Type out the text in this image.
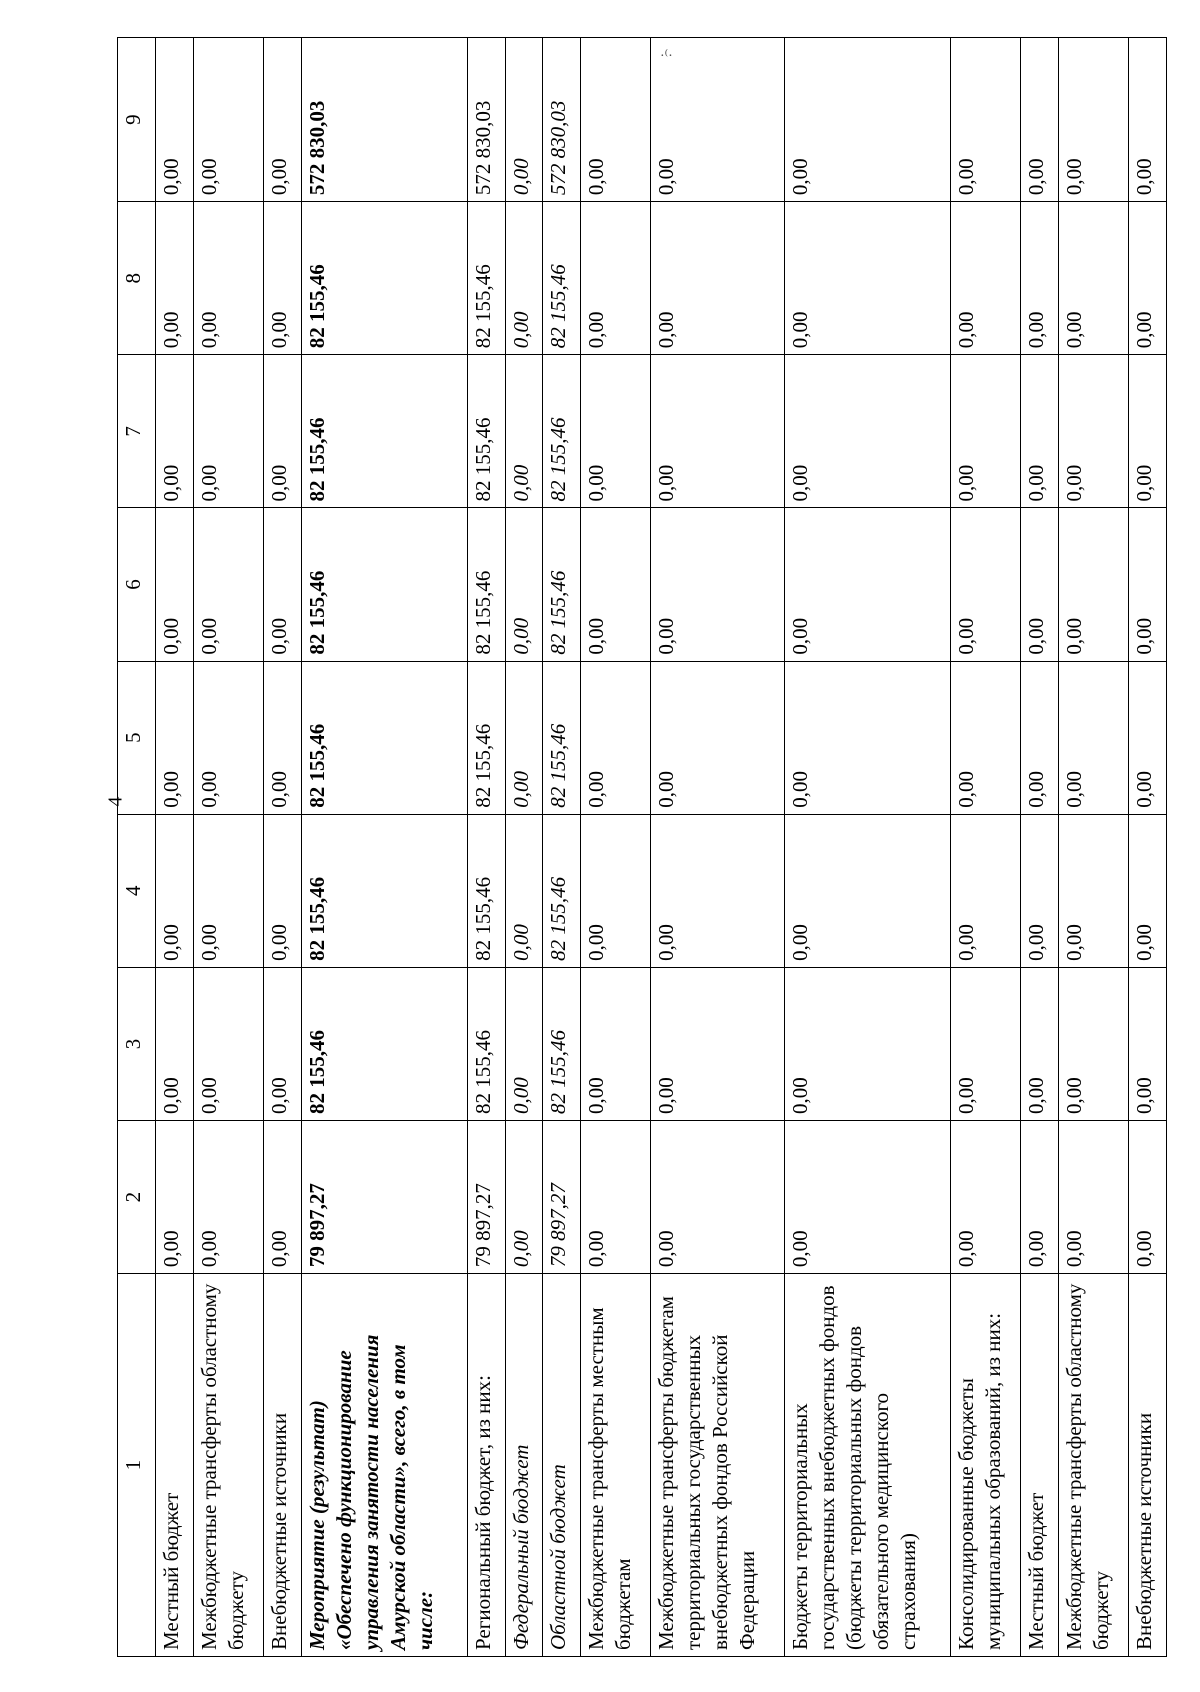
4
·⁽·
1	2	3	4	5	6	7	8	9
Местный бюджет	0,00	0,00	0,00	0,00	0,00	0,00	0,00	0,00
Межбюджетные трансферты областному бюджету	0,00	0,00	0,00	0,00	0,00	0,00	0,00	0,00
Внебюджетные источники	0,00	0,00	0,00	0,00	0,00	0,00	0,00	0,00
Мероприятие (результат) «Обеспечено функционирование управления занятости населения Амурской области», всего, в том числе:	79 897,27	82 155,46	82 155,46	82 155,46	82 155,46	82 155,46	82 155,46	572 830,03
Региональный бюджет, из них:	79 897,27	82 155,46	82 155,46	82 155,46	82 155,46	82 155,46	82 155,46	572 830,03
Федеральный бюджет	0,00	0,00	0,00	0,00	0,00	0,00	0,00	0,00
Областной бюджет	79 897,27	82 155,46	82 155,46	82 155,46	82 155,46	82 155,46	82 155,46	572 830,03
Межбюджетные трансферты местным бюджетам	0,00	0,00	0,00	0,00	0,00	0,00	0,00	0,00
Межбюджетные трансферты бюджетам территориальных государственных внебюджетных фондов Российской Федерации	0,00	0,00	0,00	0,00	0,00	0,00	0,00	0,00
Бюджеты территориальных государственных внебюджетных фондов (бюджеты территориальных фондов обязательного медицинского страхования)	0,00	0,00	0,00	0,00	0,00	0,00	0,00	0,00
Консолидированные бюджеты муниципальных образований, из них:	0,00	0,00	0,00	0,00	0,00	0,00	0,00	0,00
Местный бюджет	0,00	0,00	0,00	0,00	0,00	0,00	0,00	0,00
Межбюджетные трансферты областному бюджету	0,00	0,00	0,00	0,00	0,00	0,00	0,00	0,00
Внебюджетные источники	0,00	0,00	0,00	0,00	0,00	0,00	0,00	0,00
